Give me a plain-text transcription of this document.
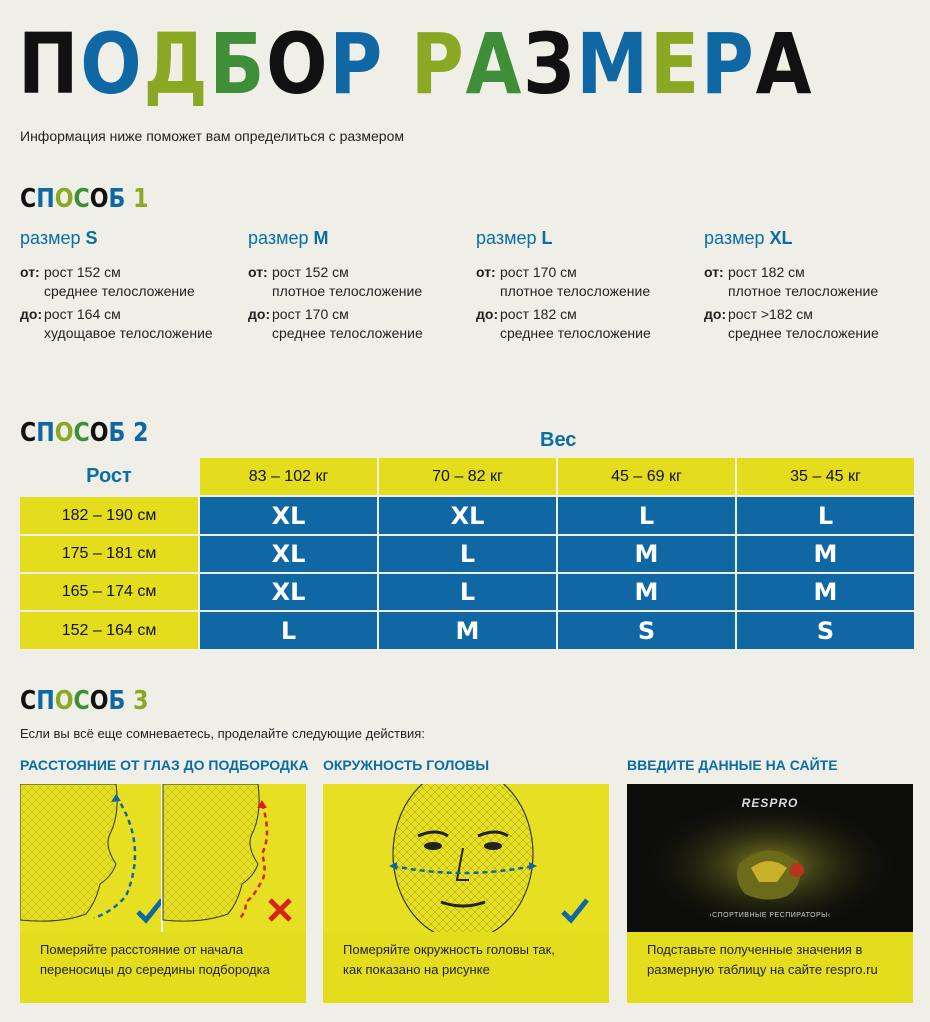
ПОДБОР РАЗМЕРА
Информация ниже поможет вам определиться с размером
СПОСОБ 1
размер S
от: рост 152 см
среднее телосложение
до: рост 164 см
худощавое телосложение
размер M
от: рост 152 см
плотное телосложение
до: рост 170 см
среднее телосложение
размер L
от: рост 170 см
плотное телосложение
до: рост 182 см
среднее телосложение
размер XL
от: рост 182 см
плотное телосложение
до: рост >182 см
среднее телосложение
СПОСОБ 2	Вес
Рост	83 – 102 кг	70 – 82 кг	45 – 69 кг	35 – 45 кг
182 – 190 см	XL	XL	L	L
175 – 181 см	XL	L	M	M
165 – 174 см	XL	L	M	M
152 – 164 см	L	M	S	S
СПОСОБ 3
Если вы всё еще сомневаетесь, проделайте следующие действия:
РАССТОЯНИЕ ОТ ГЛАЗ ДО ПОДБОРОДКА ОКРУЖНОСТЬ ГОЛОВЫ	ВВЕДИТЕ ДАННЫЕ НА САЙТЕ
Померяйте расстояние от начала
переносицы до середины подбородка
Померяйте окружность головы так,
как показано на рисунке
RESPRO
›СПОРТИВНЫЕ РЕСПИРАТОРЫ‹
Подставьте полученные значения в
размерную таблицу на сайте respro.ru
